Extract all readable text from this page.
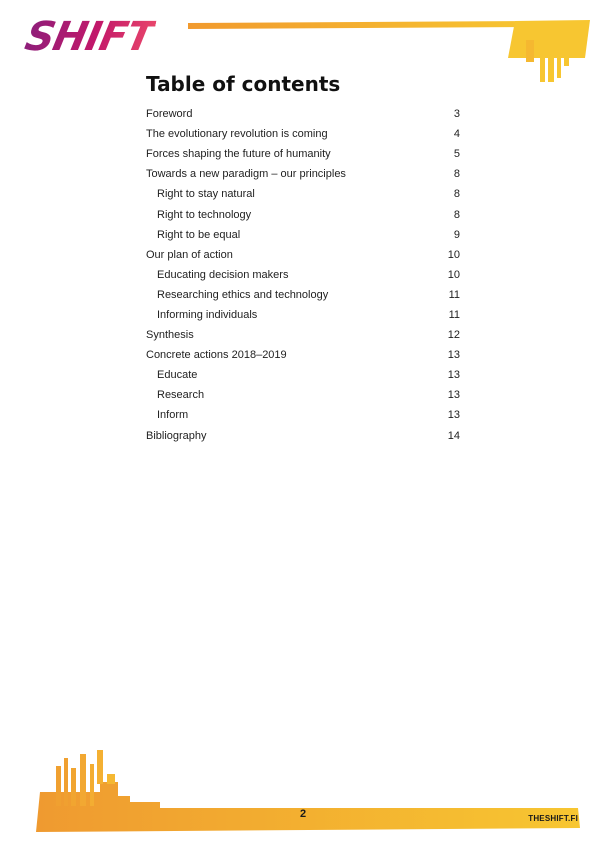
SHIFT
Table of contents
Foreword	3
The evolutionary revolution is coming	4
Forces shaping the future of humanity	5
Towards a new paradigm – our principles	8
Right to stay natural	8
Right to technology	8
Right to be equal	9
Our plan of action	10
Educating decision makers	10
Researching ethics and technology	11
Informing individuals	11
Synthesis	12
Concrete actions 2018–2019	13
Educate	13
Research	13
Inform	13
Bibliography	14
2	THESHIFT.FI
